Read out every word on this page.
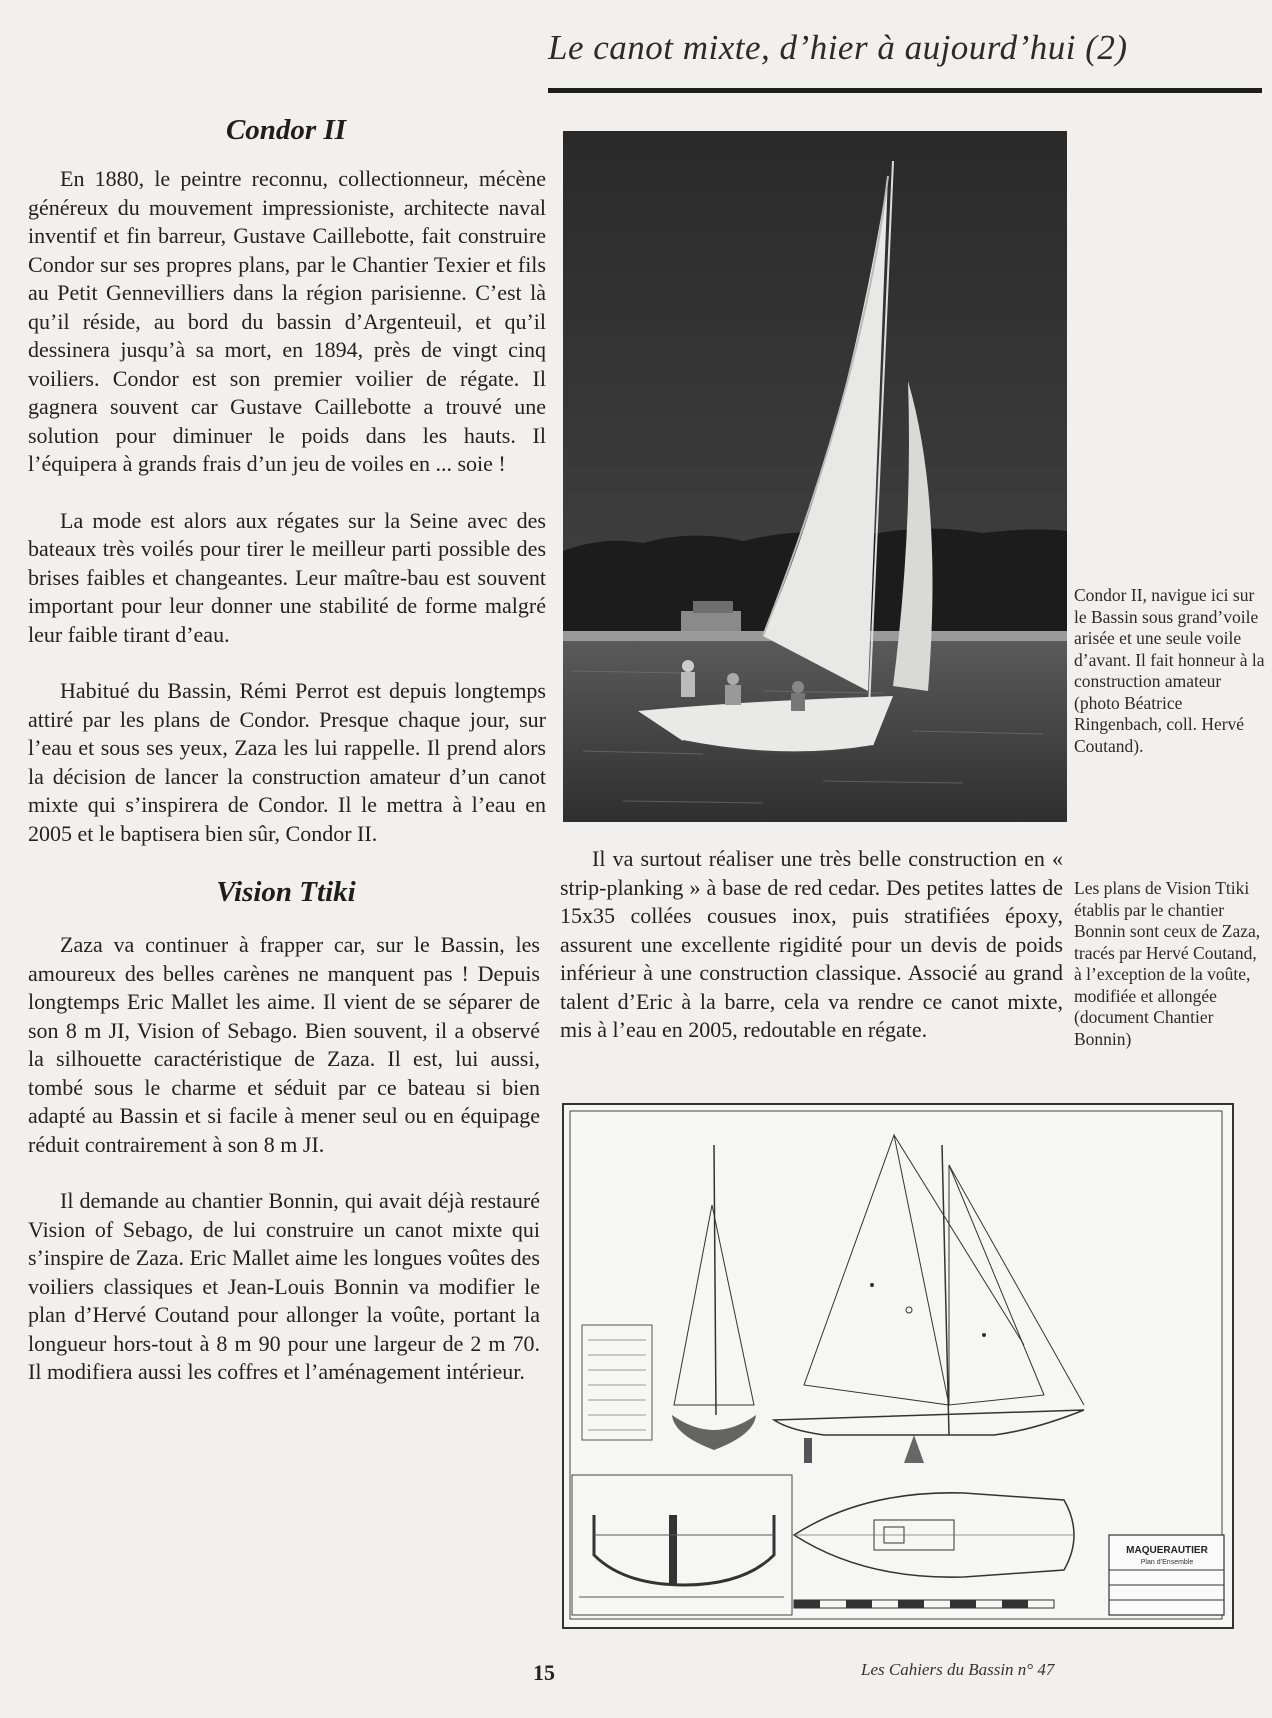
Le canot mixte, d’hier à aujourd’hui (2)
Condor II

En 1880, le peintre reconnu, collectionneur, mécène généreux du mouvement impressioniste, architecte naval inventif et fin barreur, Gustave Caillebotte, fait construire Condor sur ses propres plans, par le Chantier Texier et fils au Petit Gennevilliers dans la région parisienne. C’est là qu’il réside, au bord du bassin d’Argenteuil, et qu’il dessinera jusqu’à sa mort, en 1894, près de vingt cinq voiliers. Condor est son premier voilier de régate. Il gagnera souvent car Gustave Caillebotte a trouvé une solution pour diminuer le poids dans les hauts. Il l’équipera à grands frais d’un jeu de voiles en ... soie !

La mode est alors aux régates sur la Seine avec des bateaux très voilés pour tirer le meilleur parti possible des brises faibles et changeantes. Leur maître-bau est souvent important pour leur donner une stabilité de forme malgré leur faible tirant d’eau.

Habitué du Bassin, Rémi Perrot est depuis longtemps attiré par les plans de Condor. Presque chaque jour, sur l’eau et sous ses yeux, Zaza les lui rappelle. Il prend alors la décision de lancer la construction amateur d’un canot mixte qui s’inspirera de Condor. Il le mettra à l’eau en 2005 et le baptisera bien sûr, Condor II.

Vision Ttiki

Zaza va continuer à frapper car, sur le Bassin, les amoureux des belles carènes ne manquent pas ! Depuis longtemps Eric Mallet les aime. Il vient de se séparer de son 8 m JI, Vision of Sebago. Bien souvent, il a observé la silhouette caractéristique de Zaza. Il est, lui aussi, tombé sous le charme et séduit par ce bateau si bien adapté au Bassin et si facile à mener seul ou en équipage réduit contrairement à son 8 m JI.

Il demande au chantier Bonnin, qui avait déjà restauré Vision of Sebago, de lui construire un canot mixte qui s’inspire de Zaza. Eric Mallet aime les longues voûtes des voiliers classiques et Jean-Louis Bonnin va modifier le plan d’Hervé Coutand pour allonger la voûte, portant la longueur hors-tout à 8 m 90 pour une largeur de 2 m 70. Il modifiera aussi les coffres et l’aménagement intérieur.

Condor II, navigue ici sur le Bassin sous grand’voile arisée et une seule voile d’avant. Il fait honneur à la construction amateur (photo Béatrice Ringenbach, coll. Hervé Coutand).

Il va surtout réaliser une très belle construction en « strip-planking » à base de red cedar. Des petites lattes de 15x35 collées cousues inox, puis stratifiées époxy, assurent une excellente rigidité pour un devis de poids inférieur à une construction classique. Associé au grand talent d’Eric à la barre, cela va rendre ce canot mixte, mis à l’eau en 2005, redoutable en régate.

Les plans de Vision Ttiki établis par le chantier Bonnin sont ceux de Zaza, tracés par Hervé Coutand, à l’exception de la voûte, modifiée et allongée (document Chantier Bonnin)
MAQUERAUTIER
Plan d’Ensemble
15	Les Cahiers du Bassin n° 47
